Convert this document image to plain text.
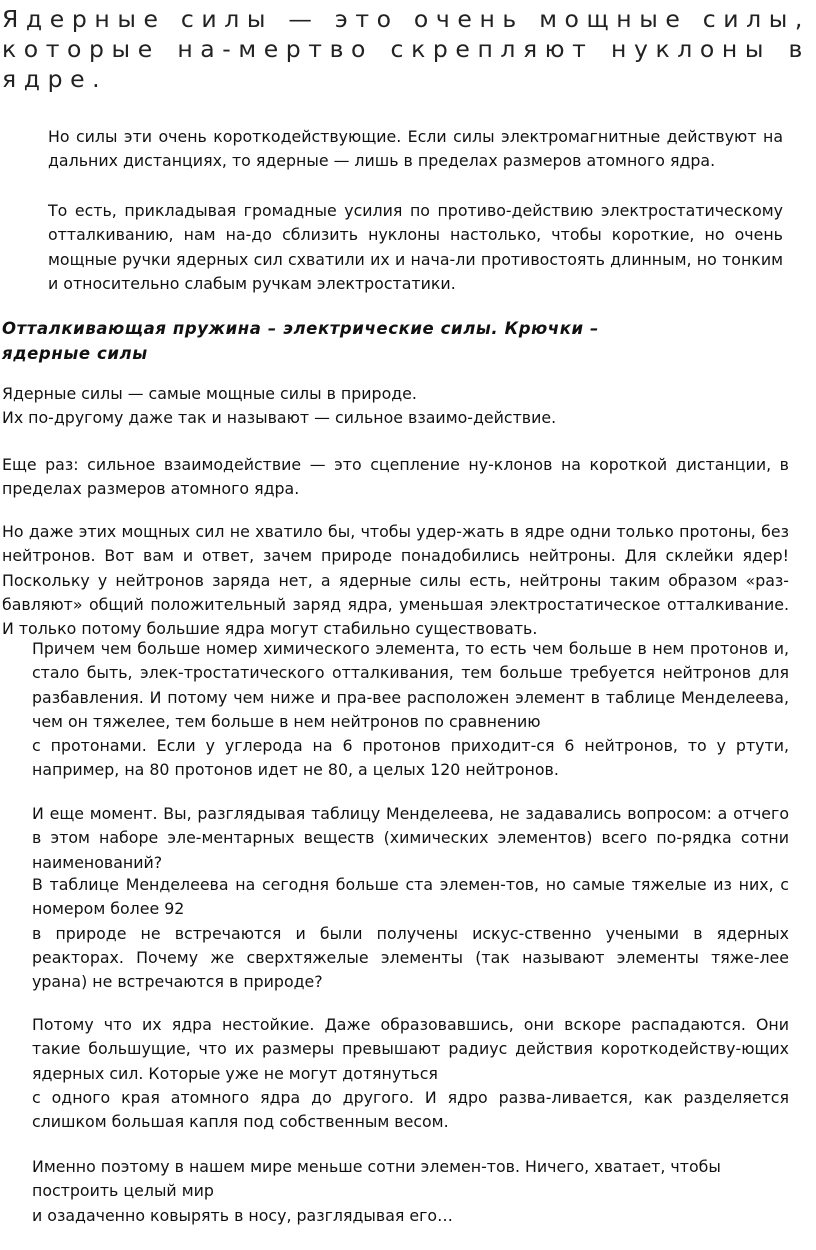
Ядерные силы — это очень мощные силы, которые на-мертво скрепляют нуклоны в ядре.
Но силы эти очень короткодействующие. Если силы электромагнитные действуют на дальних дистанциях, то ядерные — лишь в пределах размеров атомного ядра.
То есть, прикладывая громадные усилия по противо-действию электростатическому отталкиванию, нам на-до сблизить нуклоны настолько, чтобы короткие, но очень мощные ручки ядерных сил схватили их и нача-ли противостоять длинным, но тонким и относительно слабым ручкам электростатики.
Отталкивающая пружина – электрические силы. Крючки –
ядерные силы
Ядерные силы — самые мощные силы в природе.
Их по-другому даже так и называют — сильное взаимо-действие.
Еще раз: сильное взаимодействие — это сцепление ну-клонов на короткой дистанции, в пределах размеров атомного ядра.
Но даже этих мощных сил не хватило бы, чтобы удер-жать в ядре одни только протоны, без нейтронов. Вот вам и ответ, зачем природе понадобились нейтроны. Для склейки ядер! Поскольку у нейтронов заряда нет, а ядерные силы есть, нейтроны таким образом «раз-бавляют» общий положительный заряд ядра, уменьшая электростатическое отталкивание. И только потому большие ядра могут стабильно существовать.
Причем чем больше номер химического элемента, то есть чем больше в нем протонов и, стало быть, элек-тростатического отталкивания, тем больше требуется нейтронов для разбавления. И потому чем ниже и пра-вее расположен элемент в таблице Менделеева, чем он тяжелее, тем больше в нем нейтронов по сравнению
с протонами. Если у углерода на 6 протонов приходит-ся 6 нейтронов, то у ртути, например, на 80 протонов идет не 80, а целых 120 нейтронов.
И еще момент. Вы, разглядывая таблицу Менделеева, не задавались вопросом: а отчего в этом наборе эле-ментарных веществ (химических элементов) всего по-рядка сотни наименований?
В таблице Менделеева на сегодня больше ста элемен-тов, но самые тяжелые из них, с номером более 92
в природе не встречаются и были получены искус-ственно учеными в ядерных реакторах. Почему же сверхтяжелые элементы (так называют элементы тяже-лее урана) не встречаются в природе?
Потому что их ядра нестойкие. Даже образовавшись, они вскоре распадаются. Они такие большущие, что их размеры превышают радиус действия короткодейству-ющих ядерных сил. Которые уже не могут дотянуться
с одного края атомного ядра до другого. И ядро разва-ливается, как разделяется слишком большая капля под собственным весом.
Именно поэтому в нашем мире меньше сотни элемен-тов. Ничего, хватает, чтобы построить целый мир
и озадаченно ковырять в носу, разглядывая его…
